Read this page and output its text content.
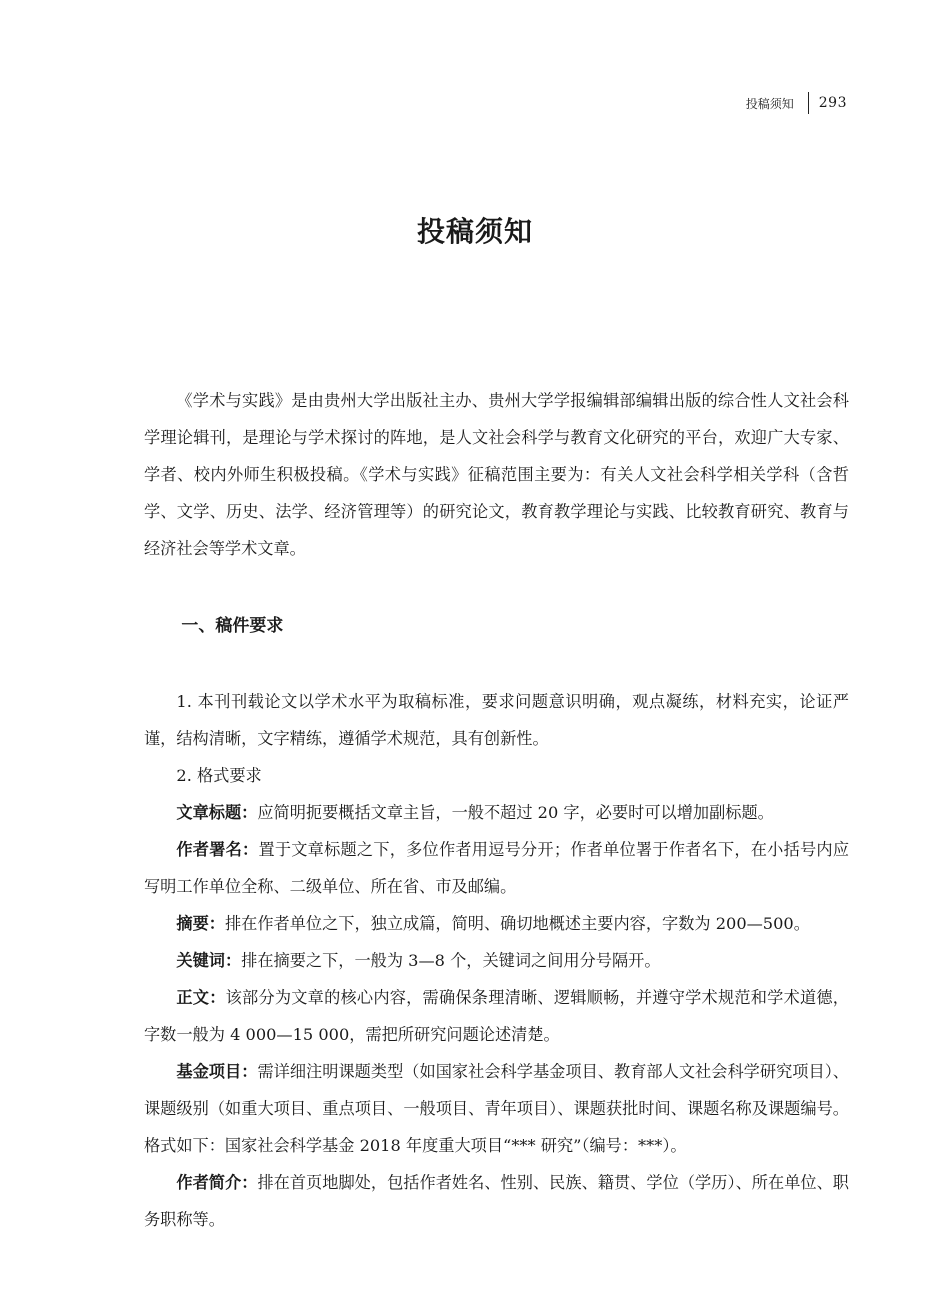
投稿须知 293
投稿须知

《学术与实践》是由贵州大学出版社主办、贵州大学学报编辑部编辑出版的综合性人文社会科学理论辑刊，是理论与学术探讨的阵地，是人文社会科学与教育文化研究的平台，欢迎广大专家、学者、校内外师生积极投稿。《学术与实践》征稿范围主要为：有关人文社会科学相关学科（含哲学、文学、历史、法学、经济管理等）的研究论文，教育教学理论与实践、比较教育研究、教育与经济社会等学术文章。

一、稿件要求

1. 本刊刊载论文以学术水平为取稿标准，要求问题意识明确，观点凝练，材料充实，论证严谨，结构清晰，文字精练，遵循学术规范，具有创新性。

2. 格式要求

文章标题：应简明扼要概括文章主旨，一般不超过 20 字，必要时可以增加副标题。

作者署名：置于文章标题之下，多位作者用逗号分开；作者单位署于作者名下，在小括号内应写明工作单位全称、二级单位、所在省、市及邮编。

摘要：排在作者单位之下，独立成篇，简明、确切地概述主要内容，字数为 200—500。

关键词：排在摘要之下，一般为 3—8 个，关键词之间用分号隔开。

正文：该部分为文章的核心内容，需确保条理清晰、逻辑顺畅，并遵守学术规范和学术道德，字数一般为 4 000—15 000，需把所研究问题论述清楚。

基金项目：需详细注明课题类型（如国家社会科学基金项目、教育部人文社会科学研究项目）、课题级别（如重大项目、重点项目、一般项目、青年项目）、课题获批时间、课题名称及课题编号。格式如下：国家社会科学基金 2018 年度重大项目“*** 研究”（编号：***）。

作者简介：排在首页地脚处，包括作者姓名、性别、民族、籍贯、学位（学历）、所在单位、职务职称等。
